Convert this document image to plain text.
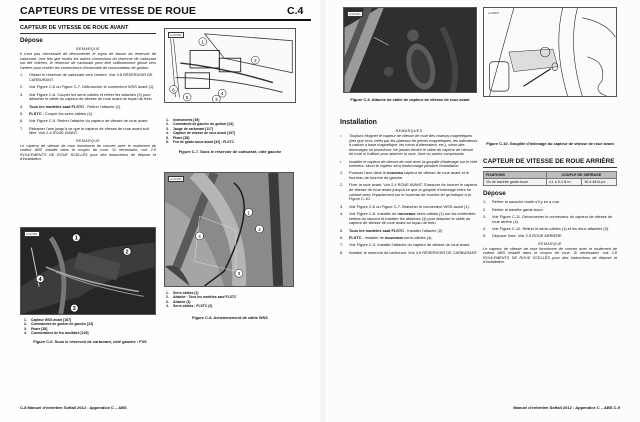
CAPTEURS DE VITESSE DE ROUE	C.4
CAPTEUR DE VITESSE DE ROUE AVANT
Dépose
REMARQUE
Il n'est pas nécessaire de déconnecter le tuyau de liaison du réservoir de carburant. Une fois que toutes les autres connexions du réservoir de carburant ont été retirées, le réservoir de carburant peut être suffisamment glissé vers l'arrière pour révéler les connecteurs d'ensemble de commutateur de guidon.
1.	Glisser le réservoir de carburant vers l'arrière. Voir 4.6 RÉSERVOIR DE CARBURANT.
2.	Voir Figure C-6 ou Figure C-7. Débrancher le connecteur WSS avant (1).
3.	Voir Figure C-8. Couper les serre-câbles et retirer les attaches (3) pour détacher le câble du capteur de vitesse de roue avant du tuyau de frein.
4.	Tous les modèles sauf FLSTC : Retirer l'attache (2).
5.	FLSTC : Couper les serre-câbles (4).
6.	Voir Figure C-9. Retirer l'attache du capteur de vitesse de roue avant.
7.	Rétracter l'axe jusqu'à ce que le capteur de vitesse de roue avant soit libre. Voir 2.4 ROUE AVANT.
REMARQUE
Le capteur de vitesse de roue fonctionne de concert avec le roulement de codeur ABS installé dans le moyeu de roue. Si nécessaire, voir 2.8 ROULEMENTS DE ROUE SCELLÉS pour des instructions de dépose et d'installation.
1
2
3
4
sm07291
1.	Capteur WSS avant [167]
2.	Commandes de guidon de gauche [24]
3.	Phare [38]
4.	Commutateur de feu auxiliaire [109]
Figure C-6. Sous le réservoir de carburant, côté gauche : FXS
1
2
3
4
5
6
sm07292
1.	Instruments [39]
2.	Commande de gauche du guidon [24]
3.	Jauge de carburant [117]
4.	Capteur de vitesse de roue avant [167]
5.	Phare [38]
6.	Feu de garde-boue avant [32] : FLSTC
Figure C-7. Sous le réservoir de carburant, côté gauche
1
2
3
4
sm07293
1.	Serre-câbles (2)
2.	Attache : Tous les modèles sauf FLSTC
3.	Attache (3)
4.	Serre-câbles : FLSTC (2)
Figure C-8. Acheminement de câble WSS
sm07294
Figure C-9. Attache de câble de capteur de vitesse de roue avant
Installation
REMARQUES
•	Toujours éloigner le capteur de vitesse de roue des champs magnétiques (tels que ceux créés par les plateaux de pièces magnétiques, les indicateurs à cadran à base magnétique, les rotors d'alternateur, etc.), sinon des dommages se produiront. Ne jamais tendre le câble du capteur de vitesse de roue ni l'utiliser pour attacher la roue, l'axe ou autres composants.
•	Installer le capteur de vitesse de roue avec la goupille d'indexage sur le côté extérieur, sinon le capteur sera endommagé pendant l'installation.
1.	Pousser l'axe dans le nouveau capteur de vitesse de roue avant et le fourreau de fourche de gauche.
2.	Fixer la roue avant. Voir 2.4 ROUE AVANT. S'assurer de tourner le capteur de vitesse de roue avant jusqu'à ce que la goupille d'indexage entre en contact avec l'épaulement sur le fourreau de fourche tel qu'indiqué à la Figure C-10.
3.	Voir Figure C-6 ou Figure C-7. Brancher le connecteur WSS avant (1).
4.	Voir Figure C-8. Installer de nouveaux serre-câbles (1) sur les extrémités serties du raccord et installer les attaches (3) pour attacher le câble du capteur de vitesse de roue avant au tuyau de frein.
5.	Tous les modèles sauf FLSTC : Installer l'attache (2).
6.	FLSTC : Installer de nouveaux serre-câbles (4).
7.	Voir Figure C-9. Installer l'attache du capteur de vitesse de roue avant.
8.	Installer le réservoir de carburant. Voir 4.6 RÉSERVOIR DE CARBURANT.
sm06637
Figure C-10. Goupille d'indexage du capteur de vitesse de roue avant
CAPTEUR DE VITESSE DE ROUE ARRIÈRE
FIXATIONS	COUPLE DE SERRAGE	
Vis de bavette garde-boue	4,1 à 5,4 N·m	36 à 48 lb-po
Dépose
1.	Retirer la sacoche droite s'il y en a une.
2.	Retirer la bavette garde-boue.
3.	Voir Figure C-11. Déconnecter le connecteur du capteur de vitesse de roue arrière (4).
4.	Voir Figure C-12. Retirer le serre-câbles (1) et les deux attaches (3).
5.	Déposer l'axe. Voir 2.5 ROUE ARRIÈRE.
REMARQUE
Le capteur de vitesse de roue fonctionne de concert avec le roulement de codeur ABS installé dans le moyeu de roue. Si nécessaire, voir 2.8 ROULEMENTS DE ROUE SCELLÉS pour des instructions de dépose et d'installation.
C-8 Manuel d'entretien Softail 2012 : Appendice C – ABS	Manuel d'entretien Softail 2012 : Appendice C – ABS C-9
